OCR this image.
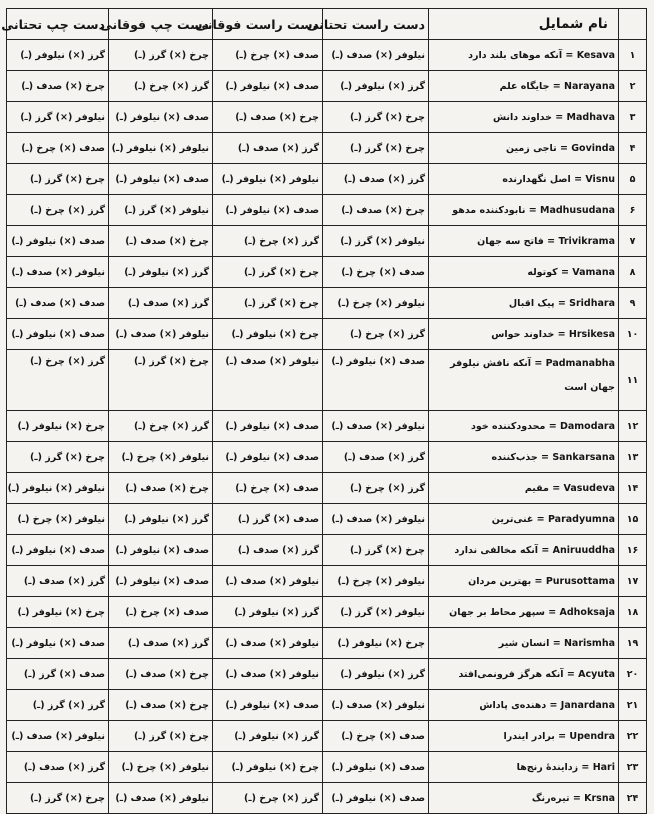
	نام شمایل	دست راست تحتانی	دست راست فوقانی	دست چپ فوقانی	دست چپ تحتانی
۱	Kesava = آنکه موهای بلند دارد	نیلوفر (×) صدف (ـ)	صدف (×) چرخ (ـ)	چرخ (×) گرز (ـ)	گرز (×) نیلوفر (ـ)
۲	Narayana = جایگاه علم	گرز (×) نیلوفر (ـ)	صدف (×) نیلوفر (ـ)	گرز (×) چرخ (ـ)	چرخ (×) صدف (ـ)
۳	Madhava = خداوند دانش	چرخ (×) گرز (ـ)	چرخ (×) صدف (ـ)	صدف (×) نیلوفر (ـ)	نیلوفر (×) گرز (ـ)
۴	Govinda = تاجی زمین	چرخ (×) گرز (ـ)	گرز (×) صدف (ـ)	نیلوفر (×) نیلوفر (ـ)	صدف (×) چرخ (ـ)
۵	Visnu = اصل نگهدارنده	گرز (×) صدف (ـ)	نیلوفر (×) نیلوفر (ـ)	صدف (×) نیلوفر (ـ)	چرخ (×) گرز (ـ)
۶	Madhusudana = نابودکننده مدهو	چرخ (×) صدف (ـ)	صدف (×) نیلوفر (ـ)	نیلوفر (×) گرز (ـ)	گرز (×) چرخ (ـ)
۷	Trivikrama = فاتح سه جهان	نیلوفر (×) گرز (ـ)	گرز (×) چرخ (ـ)	چرخ (×) صدف (ـ)	صدف (×) نیلوفر (ـ)
۸	Vamana = کوتوله	صدف (×) چرخ (ـ)	چرخ (×) گرز (ـ)	گرز (×) نیلوفر (ـ)	نیلوفر (×) صدف (ـ)
۹	Sridhara = پیک اقبال	نیلوفر (×) چرخ (ـ)	چرخ (×) گرز (ـ)	گرز (×) صدف (ـ)	صدف (×) صدف (ـ)
۱۰	Hrsikesa = خداوند حواس	گرز (×) چرخ (ـ)	چرخ (×) نیلوفر (ـ)	نیلوفر (×) صدف (ـ)	صدف (×) نیلوفر (ـ)
۱۱	Padmanabha = آنکه نافش نیلوفر جهان است	صدف (×) نیلوفر (ـ)	نیلوفر (×) صدف (ـ)	چرخ (×) گرز (ـ)	گرز (×) چرخ (ـ)
۱۲	Damodara = محدودکننده خود	نیلوفر (×) صدف (ـ)	صدف (×) نیلوفر (ـ)	گرز (×) چرخ (ـ)	چرخ (×) نیلوفر (ـ)
۱۳	Sankarsana = جذب‌کننده	گرز (×) صدف (ـ)	صدف (×) نیلوفر (ـ)	نیلوفر (×) چرخ (ـ)	چرخ (×) گرز (ـ)
۱۴	Vasudeva = مقیم	گرز (×) چرخ (ـ)	صدف (×) چرخ (ـ)	چرخ (×) صدف (ـ)	نیلوفر (×) نیلوفر (ـ)
۱۵	Paradyumna = غنی‌ترین	نیلوفر (×) صدف (ـ)	صدف (×) گرز (ـ)	گرز (×) نیلوفر (ـ)	نیلوفر (×) چرخ (ـ)
۱۶	Aniruuddha = آنکه مخالفی ندارد	چرخ (×) گرز (ـ)	گرز (×) صدف (ـ)	صدف (×) نیلوفر (ـ)	صدف (×) نیلوفر (ـ)
۱۷	Purusottama = بهترین مردان	نیلوفر (×) چرخ (ـ)	نیلوفر (×) صدف (ـ)	صدف (×) نیلوفر (ـ)	گرز (×) صدف (ـ)
۱۸	Adhoksaja = سپهر محاط بر جهان	نیلوفر (×) گرز (ـ)	گرز (×) نیلوفر (ـ)	صدف (×) چرخ (ـ)	چرخ (×) نیلوفر (ـ)
۱۹	Narismha = انسان شیر	چرخ (×) نیلوفر (ـ)	نیلوفر (×) صدف (ـ)	گرز (×) صدف (ـ)	صدف (×) نیلوفر (ـ)
۲۰	Acyuta = آنکه هرگز فرونمی‌افتد	گرز (×) نیلوفر (ـ)	نیلوفر (×) صدف (ـ)	چرخ (×) صدف (ـ)	صدف (×) گرز (ـ)
۲۱	Janardana = دهنده‌ی پاداش	نیلوفر (×) صدف (ـ)	صدف (×) نیلوفر (ـ)	چرخ (×) صدف (ـ)	گرز (×) گرز (ـ)
۲۲	Upendra = برادر ایندرا	صدف (×) چرخ (ـ)	گرز (×) نیلوفر (ـ)	چرخ (×) گرز (ـ)	نیلوفر (×) صدف (ـ)
۲۳	Hari = زدایندهٔ رنج‌ها	صدف (×) نیلوفر (ـ)	چرخ (×) نیلوفر (ـ)	نیلوفر (×) چرخ (ـ)	گرز (×) صدف (ـ)
۲۴	Krsna = تیره‌رنگ	صدف (×) نیلوفر (ـ)	گرز (×) چرخ (ـ)	نیلوفر (×) صدف (ـ)	چرخ (×) گرز (ـ)
